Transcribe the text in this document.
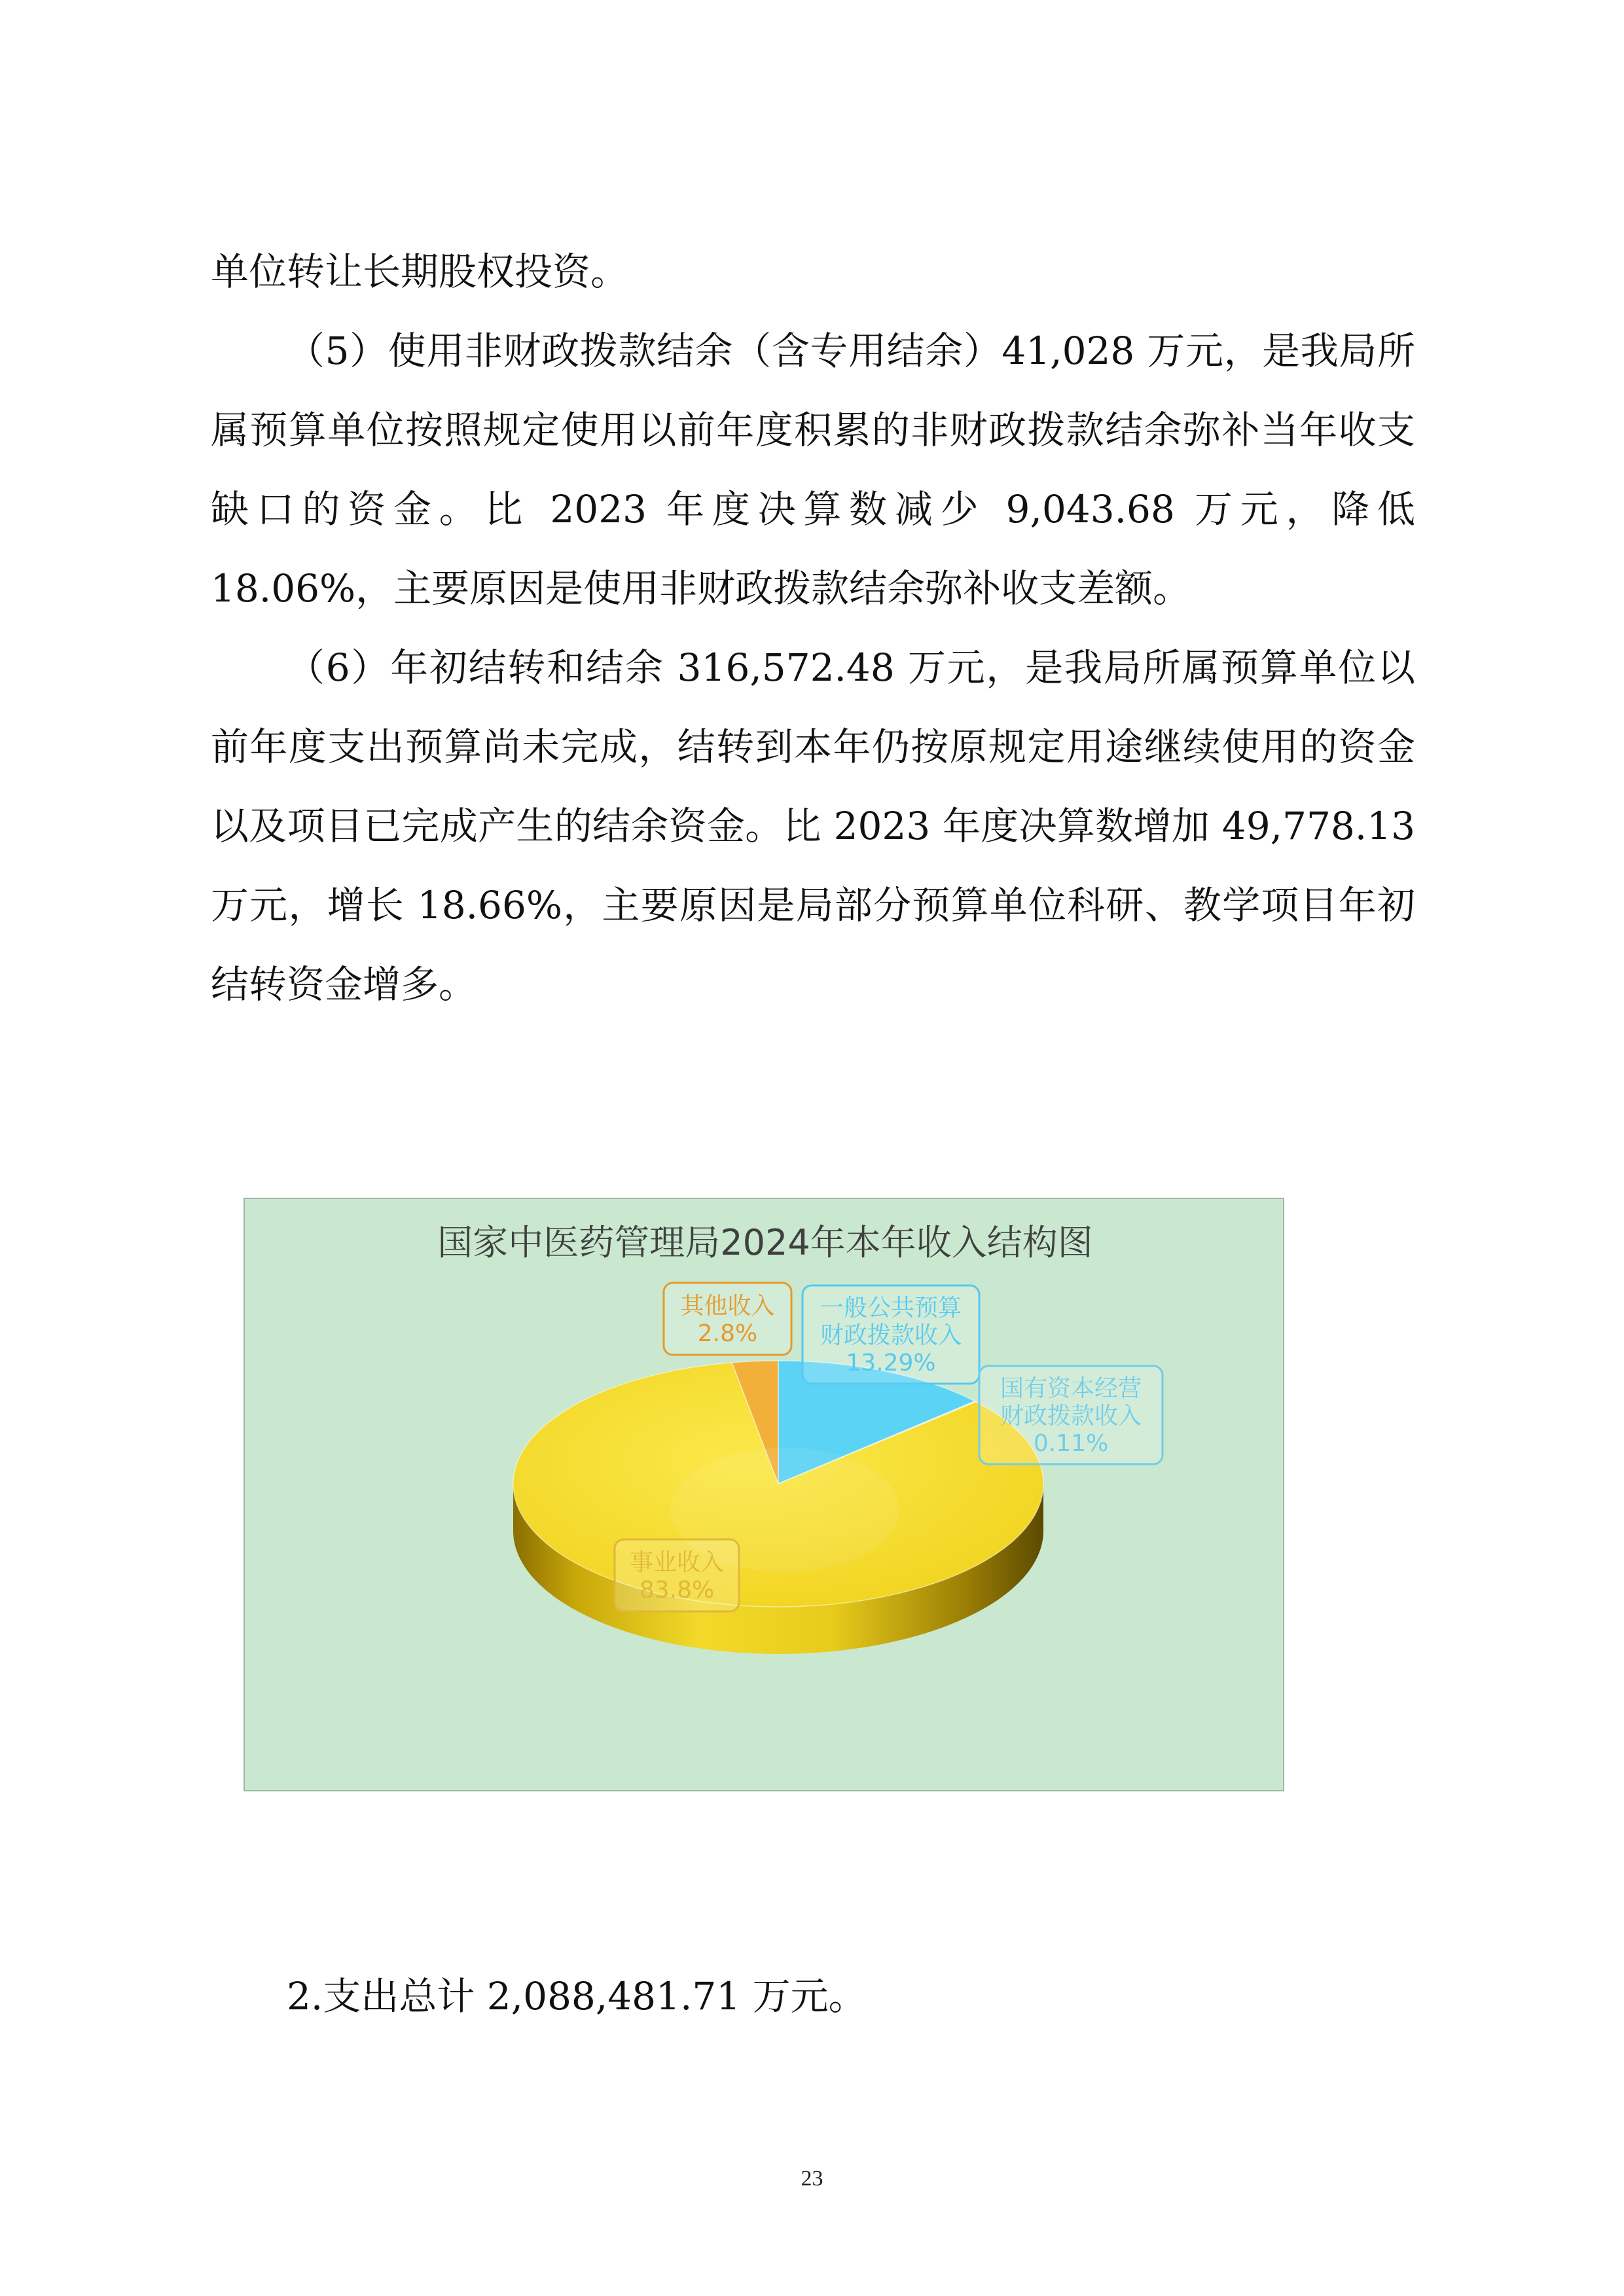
单位转让长期股权投资。

（5）使用非财政拨款结余（含专用结余）41,028 万元，是我局所属预算单位按照规定使用以前年度积累的非财政拨款结余弥补当年收支缺口的资金。比 2023 年度决算数减少 9,043.68 万元，降低 18.06%，主要原因是使用非财政拨款结余弥补收支差额。

（6）年初结转和结余 316,572.48 万元，是我局所属预算单位以前年度支出预算尚未完成，结转到本年仍按原规定用途继续使用的资金以及项目已完成产生的结余资金。比 2023 年度决算数增加 49,778.13 万元，增长 18.66%，主要原因是局部分预算单位科研、教学项目年初结转资金增多。

国家中医药管理局2024年本年收入结构图
一般公共预算
财政拨款收入
13.29%
国有资本经营
财政拨款收入
0.11%
事业收入
83.8%
其他收入
2.8%
2.支出总计 2,088,481.71 万元。
23
